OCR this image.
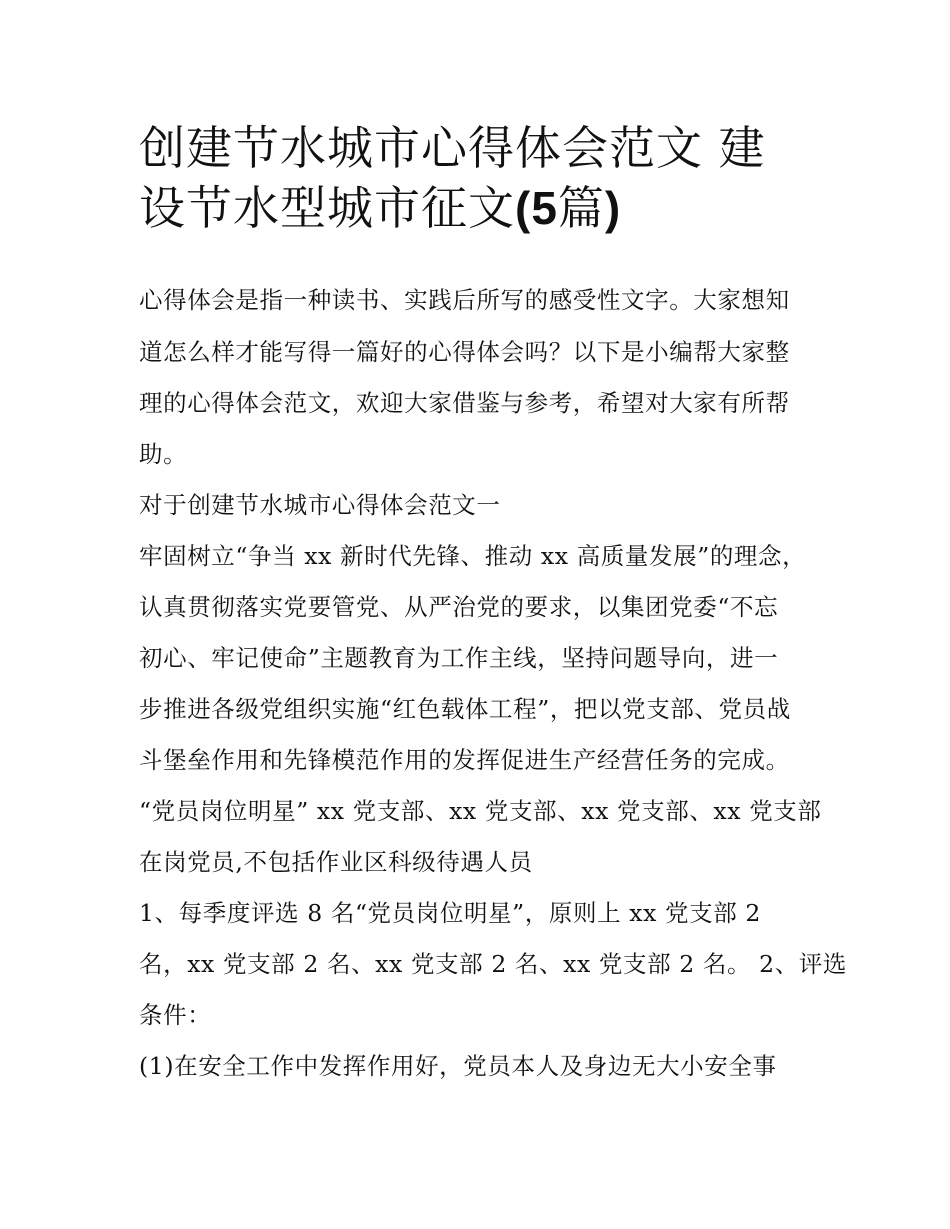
创建节水城市心得体会范文 建
设节水型城市征文(5篇)
心得体会是指一种读书、实践后所写的感受性文字。大家想知
道怎么样才能写得一篇好的心得体会吗？以下是小编帮大家整
理的心得体会范文，欢迎大家借鉴与参考，希望对大家有所帮
助。
对于创建节水城市心得体会范文一
牢固树立“争当 xx 新时代先锋、推动 xx 高质量发展”的理念，
认真贯彻落实党要管党、从严治党的要求，以集团党委“不忘
初心、牢记使命”主题教育为工作主线，坚持问题导向，进一
步推进各级党组织实施“红色载体工程”，把以党支部、党员战
斗堡垒作用和先锋模范作用的发挥促进生产经营任务的完成。
“党员岗位明星” xx 党支部、xx 党支部、xx 党支部、xx 党支部
在岗党员,不包括作业区科级待遇人员
1、每季度评选 8 名“党员岗位明星”，原则上 xx 党支部 2
名，xx 党支部 2 名、xx 党支部 2 名、xx 党支部 2 名。 2、评选
条件：
(1)在安全工作中发挥作用好，党员本人及身边无大小安全事
